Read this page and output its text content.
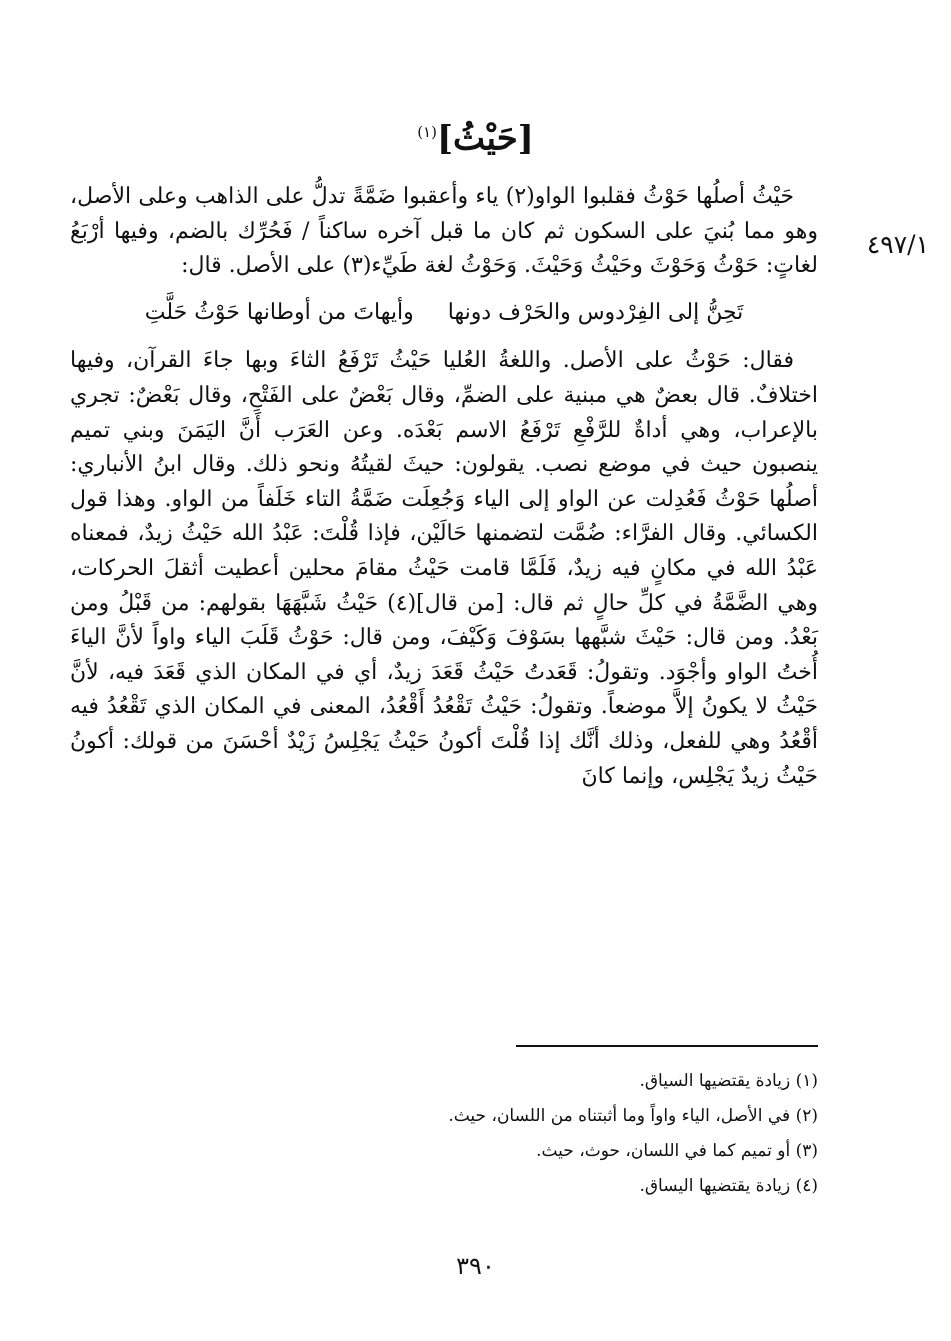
[حَيْثُ]$^{(١)}$
٤٩٧/١

حَيْثُ أصلُها حَوْثُ فقلبوا الواو(٢) ياء وأعقبوا ضَمَّةً تدلُّ على الذاهب وعلى الأصل، وهو مما بُنيَ على السكون ثم كان ما قبل آخره ساكناً / فَحُرِّك بالضم، وفيها أرْبَعُ لغاتٍ: حَوْثُ وَحَوْثَ وحَيْثُ وَحَيْثَ. وَحَوْثُ لغة طَيِّء(٣) على الأصل. قال:

تَحِنُّ إلى الفِرْدوس والحَرْف دونهاوأيهاتَ من أوطانها حَوْثُ حَلَّتِ

فقال: حَوْثُ على الأصل. واللغةُ العُليا حَيْثُ تَرْفَعُ الثاءَ وبها جاءَ القرآن، وفيها اختلافٌ. قال بعضٌ هي مبنية على الضمِّ، وقال بَعْضٌ على الفَتْحِ، وقال بَعْضٌ: تجري بالإعراب، وهي أداةٌ للرَّفْعِ تَرْفَعُ الاسم بَعْدَه. وعن العَرَب أَنَّ اليَمَنَ وبني تميم ينصبون حيث في موضع نصب. يقولون: حيثَ لقيتُهُ ونحو ذلك. وقال ابنُ الأنباري: أصلُها حَوْثُ فَعُدِلت عن الواو إلى الياء وَجُعِلَت ضَمَّةُ التاء خَلَفاً من الواو. وهذا قول الكسائي. وقال الفرَّاء: ضُمَّت لتضمنها حَالَيْن، فإذا قُلْتَ: عَبْدُ الله حَيْثُ زيدٌ، فمعناه عَبْدُ الله في مكانٍ فيه زيدٌ، فَلَمَّا قامت حَيْثُ مقامَ محلين أعطيت أثقلَ الحركات، وهي الضَّمَّةُ في كلِّ حالٍ ثم قال: [من قال](٤) حَيْثُ شَبَّهَهَا بقولهم: من قَبْلُ ومن بَعْدُ. ومن قال: حَيْثَ شبَّهها بسَوْفَ وَكَيْفَ، ومن قال: حَوْثُ قَلَبَ الياء واواً لأنَّ الياءَ أُختُ الواو وأجْوَد. وتقولُ: قَعَدتُ حَيْثُ قَعَدَ زيدٌ، أي في المكان الذي قَعَدَ فيه، لأنَّ حَيْثُ لا يكونُ إلاَّ موضعاً. وتقولُ: حَيْثُ تَقْعُدُ أَقْعُدُ، المعنى في المكان الذي تَقْعُدُ فيه أقْعُدُ وهي للفعل، وذلك أنَّك إذا قُلْتَ أكونُ حَيْثُ يَجْلِسُ زَيْدٌ أحْسَنَ من قولك: أكونُ حَيْثُ زيدٌ يَجْلِس، وإنما كانَ

(١) زيادة يقتضيها السياق.
(٢) في الأصل، الياء واواً وما أثبتناه من اللسان، حيث.
(٣) أو تميم كما في اللسان، حوث، حيث.
(٤) زيادة يقتضيها اليساق.
٣٩٠
